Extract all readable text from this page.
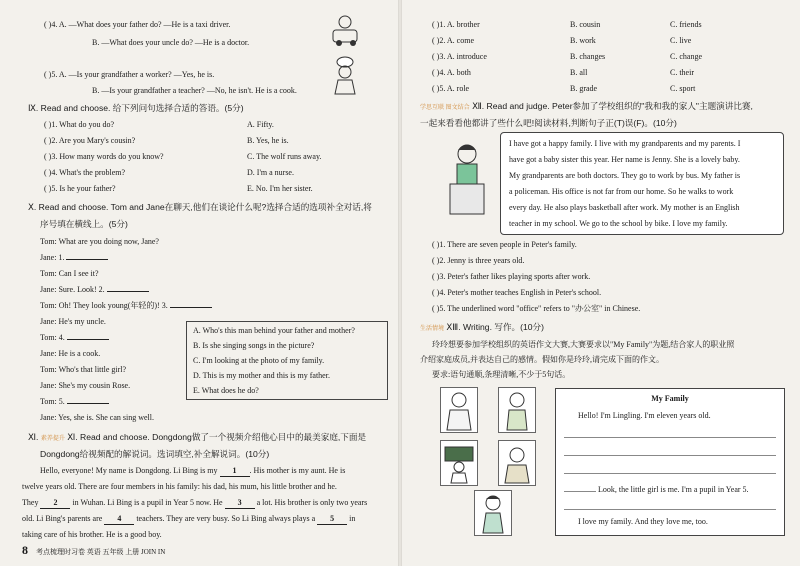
( )4. A. —What does your father do? —He is a taxi driver.
B. —What does your uncle do? —He is a doctor.
( )5. A. —Is your grandfather a worker? —Yes, he is.
B. —Is your grandfather a teacher? —No, he isn't. He is a cook.
Ⅸ. Read and choose. 给下列问句选择合适的答语。(5分)
( )1. What do you do?	A. Fifty.
( )2. Are you Mary's cousin?	B. Yes, he is.
( )3. How many words do you know?	C. The wolf runs away.
( )4. What's the problem?	D. I'm a nurse.
( )5. Is he your father?	E. No. I'm her sister.
Ⅹ. Read and choose. Tom and Jane在聊天,他们在谈论什么呢?选择合适的选项补全对话,将
序号填在横线上。(5分)
Tom: What are you doing now, Jane?
Jane: 1.
Tom: Can I see it?
Jane: Sure. Look! 2.
Tom: Oh! They look young(年轻的)! 3.
Jane: He's my uncle.
Tom: 4.
Jane: He is a cook.
Tom: Who's that little girl?
Jane: She's my cousin Rose.
Tom: 5.
Jane: Yes, she is. She can sing well.
A. Who's this man behind your father and mother?
B. Is she singing songs in the picture?
C. I'm looking at the photo of my family.
D. This is my mother and this is my father.
E. What does he do?
Ⅺ. 素养提升 Ⅺ. Read and choose. Dongdong做了一个视频介绍他心目中的最美家庭,下面是
Dongdong给视频配的解说词。选词填空,补全解说词。(10分)
Hello, everyone! My name is Dongdong. Li Bing is my 1 . His mother is my aunt. He is
twelve years old. There are four members in his family: his dad, his mum, his little brother and he.
They 2 in Wuhan. Li Bing is a pupil in Year 5 now. He 3 a lot. His brother is only two years
old. Li Bing's parents are 4 teachers. They are very busy. So Li Bing always plays a 5 in
taking care of his brother. He is a good boy.
8 考点梳理时习卷 英语 五年级 上册 JOIN IN
( )1. A. brother	B. cousin	C. friends
( )2. A. come	B. work	C. live
( )3. A. introduce	B. changes	C. change
( )4. A. both	B. all	C. their
( )5. A. role	B. grade	C. sport
学思互联 图文结合 Ⅻ. Read and judge. Peter参加了学校组织的"我和我的家人"主题演讲比赛,
一起来看看他都讲了些什么吧!阅读材料,判断句子正(T)误(F)。(10分)
I have got a happy family. I live with my grandparents and my parents. I
have got a baby sister this year. Her name is Jenny. She is a lovely baby.
My grandparents are both doctors. They go to work by bus. My father is
a policeman. His office is not far from our home. So he walks to work
every day. He also plays basketball after work. My mother is an English
teacher in my school. We go to the school by bike. I love my family.
( )1. There are seven people in Peter's family.
( )2. Jenny is three years old.
( )3. Peter's father likes playing sports after work.
( )4. Peter's mother teaches English in Peter's school.
( )5. The underlined word "office" refers to "办公室" in Chinese.
生活情境 ⅩⅢ. Writing. 写作。(10分)
玲玲想要参加学校组织的英语作文大赛,大赛要求以"My Family"为题,结合家人的职业照
介绍家庭成员,并表达自己的感情。假如你是玲玲,请完成下面的作文。
要求:语句通顺,条理清晰,不少于5句话。
My Family
Hello! I'm Lingling. I'm eleven years old.
Look, the little girl is me. I'm a pupil in Year 5.
I love my family. And they love me, too.
